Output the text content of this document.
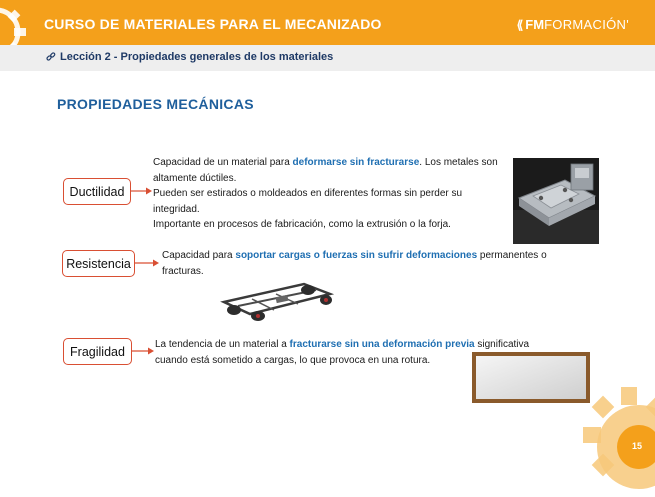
CURSO DE MATERIALES PARA EL MECANIZADO	⟪ FM FORMACIÓN'
Lección 2 - Propiedades generales de los materiales
PROPIEDADES MECÁNICAS
Ductilidad
Capacidad de un material para deformarse sin fracturarse. Los metales son altamente dúctiles.
Pueden ser estirados o moldeados en diferentes formas sin perder su integridad.
Importante en procesos de fabricación, como la extrusión o la forja.
Resistencia
Capacidad para soportar cargas o fuerzas sin sufrir deformaciones permanentes o fracturas.
Fragilidad	La tendencia de un material a fracturarse sin una deformación previa significativa cuando está sometido a cargas, lo que provoca en una rotura.
15
